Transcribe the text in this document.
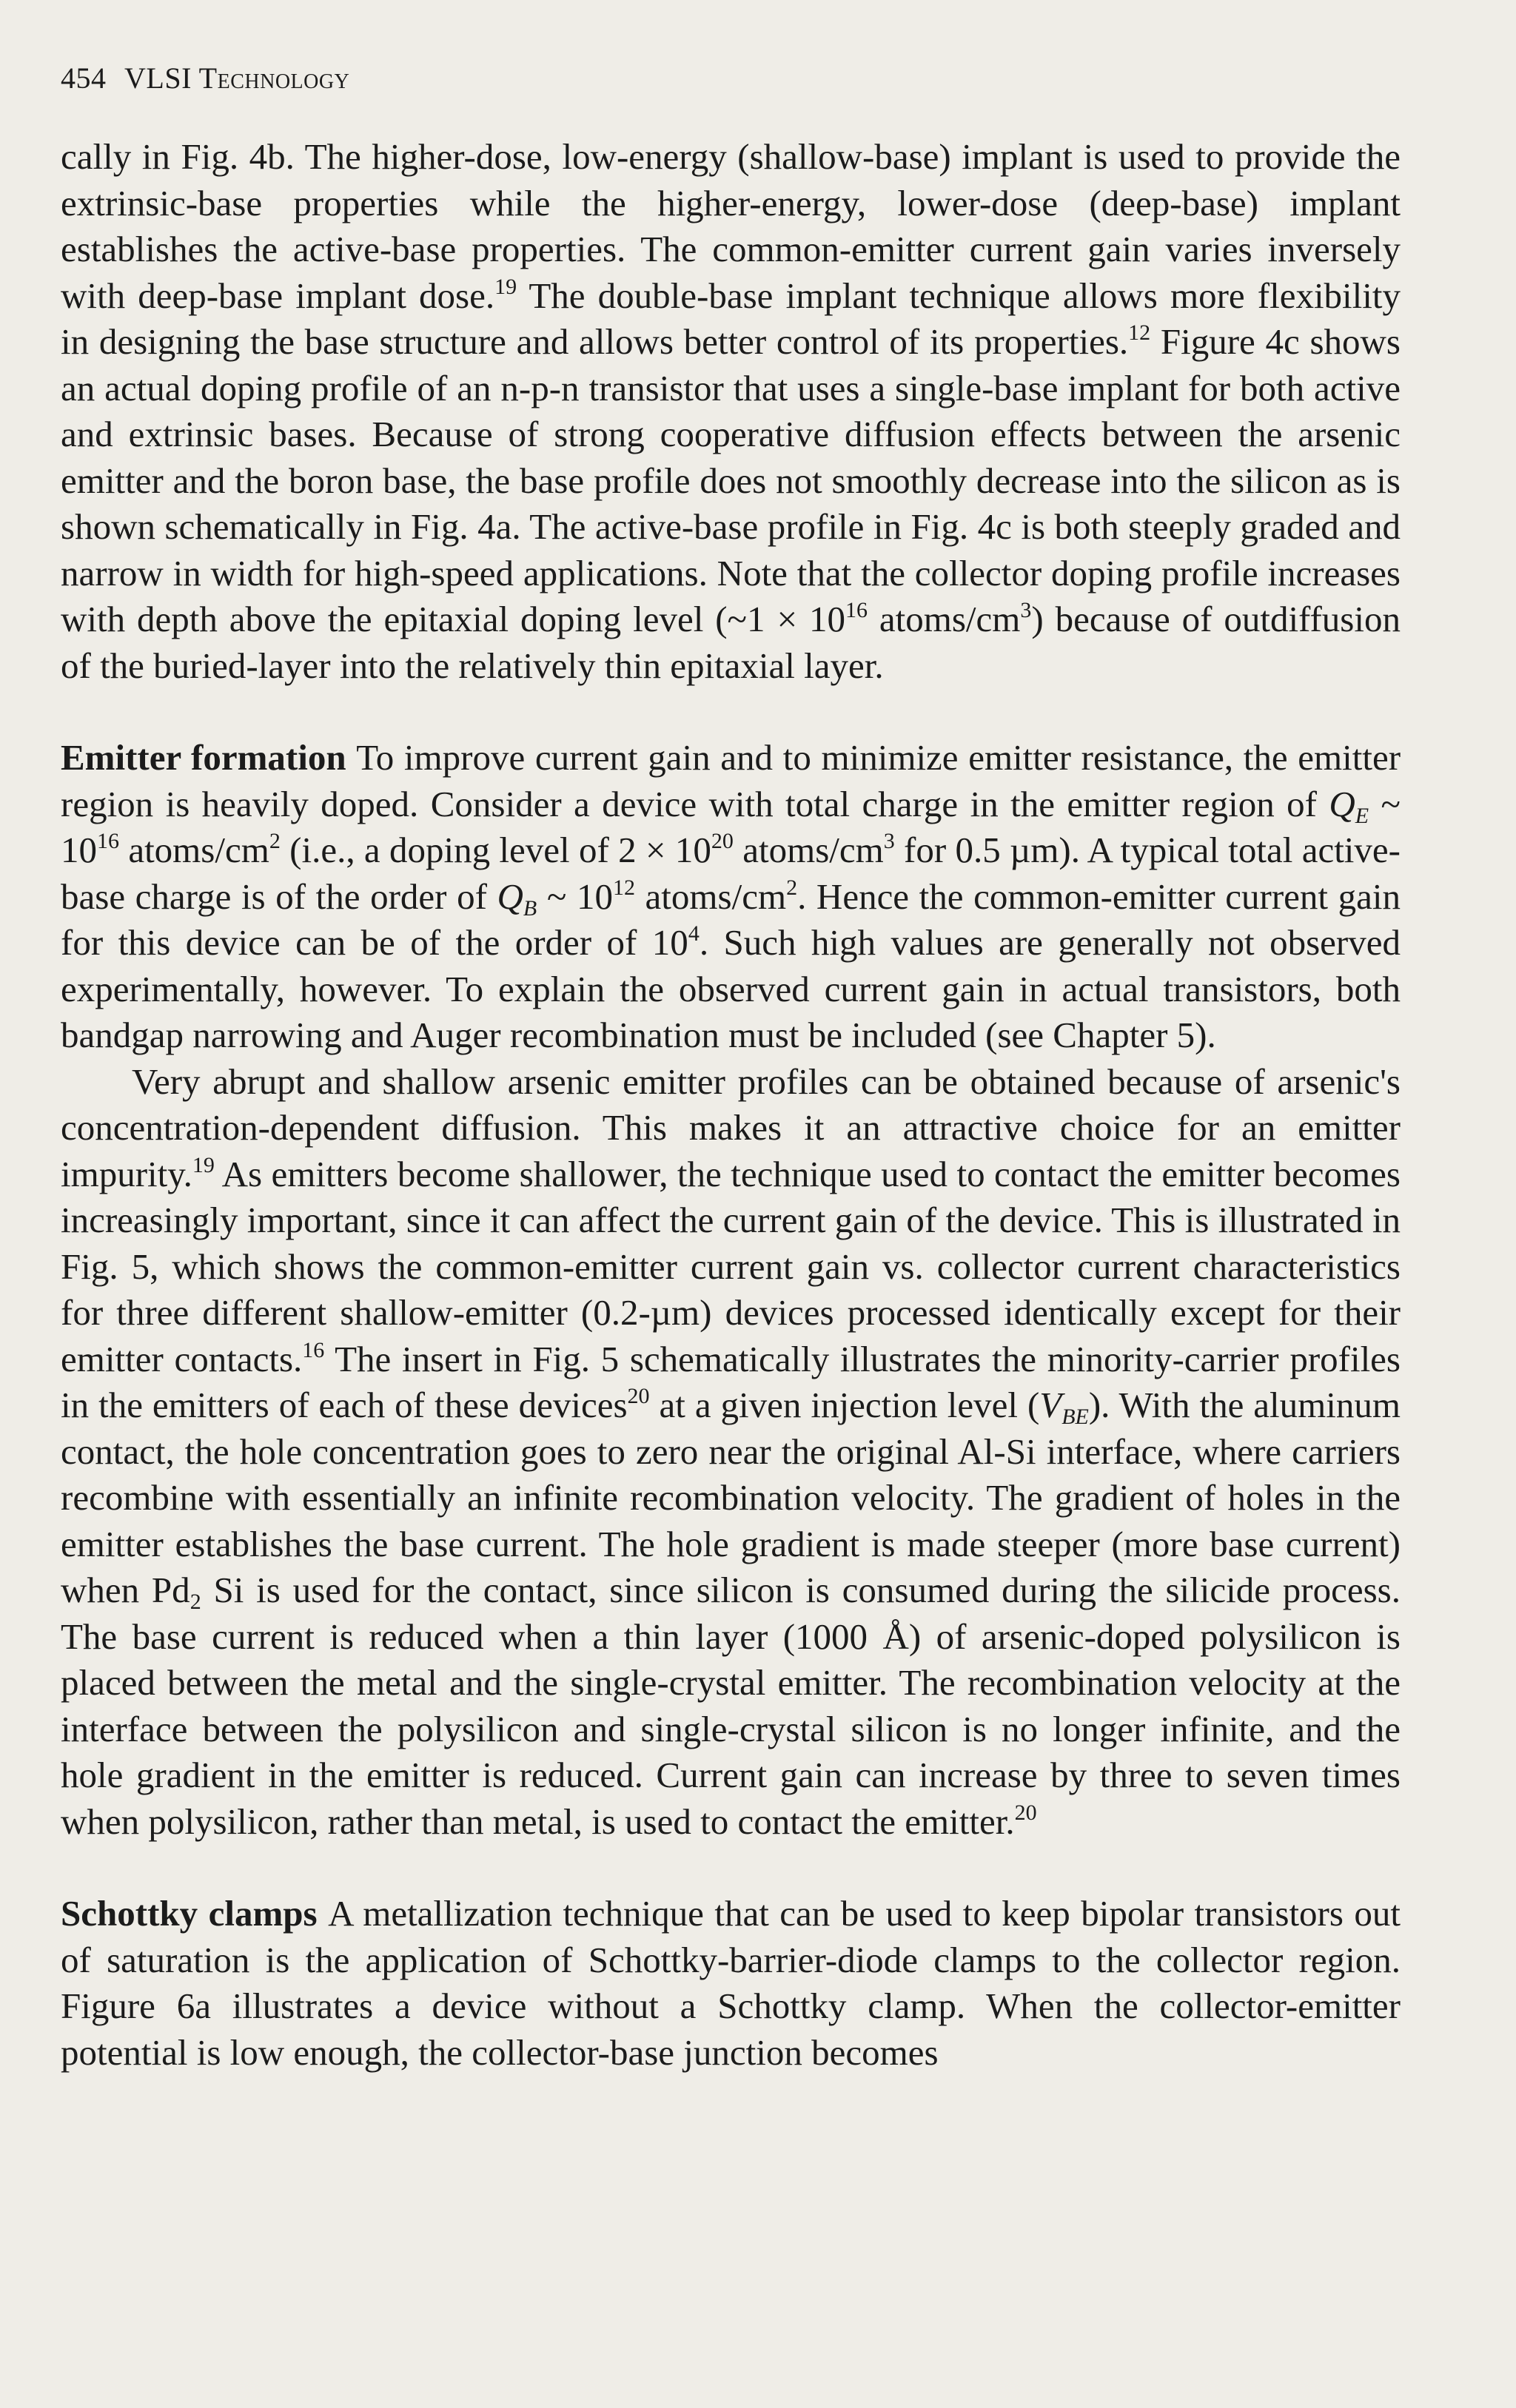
454 VLSI Technology

cally in Fig. 4b. The higher-dose, low-energy (shallow-base) implant is used to provide the extrinsic-base properties while the higher-energy, lower-dose (deep-base) implant establishes the active-base properties. The common-emitter current gain varies inversely with deep-base implant dose.$^{19}$ The double-base implant technique allows more flexibility in designing the base structure and allows better control of its properties.$^{12}$ Figure 4c shows an actual doping profile of an n-p-n transistor that uses a single-base implant for both active and extrinsic bases. Because of strong cooperative diffusion effects between the arsenic emitter and the boron base, the base profile does not smoothly decrease into the silicon as is shown schematically in Fig. 4a. The active-base profile in Fig. 4c is both steeply graded and narrow in width for high-speed applications. Note that the collector doping profile increases with depth above the epitaxial doping level (~1 × $10^{16}$ atoms/$cm^3$) because of outdiffusion of the buried-layer into the relatively thin epitaxial layer.

Emitter formation To improve current gain and to minimize emitter resistance, the emitter region is heavily doped. Consider a device with total charge in the emitter region of $Q_E$ ~ $10^{16}$ atoms/$cm^2$ (i.e., a doping level of $2 \times 10^{20}$ atoms/$cm^3$ for 0.5 µm). A typical total active-base charge is of the order of $Q_B$ ~ $10^{12}$ atoms/$cm^2$. Hence the common-emitter current gain for this device can be of the order of $10^4$. Such high values are generally not observed experimentally, however. To explain the observed current gain in actual transistors, both bandgap narrowing and Auger recombination must be included (see Chapter 5).

Very abrupt and shallow arsenic emitter profiles can be obtained because of arsenic's concentration-dependent diffusion. This makes it an attractive choice for an emitter impurity.$^{19}$ As emitters become shallower, the technique used to contact the emitter becomes increasingly important, since it can affect the current gain of the device. This is illustrated in Fig. 5, which shows the common-emitter current gain vs. collector current characteristics for three different shallow-emitter (0.2-µm) devices processed identically except for their emitter contacts.$^{16}$ The insert in Fig. 5 schematically illustrates the minority-carrier profiles in the emitters of each of these devices$^{20}$ at a given injection level $(V_{BE})$. With the aluminum contact, the hole concentration goes to zero near the original Al-Si interface, where carriers recombine with essentially an infinite recombination velocity. The gradient of holes in the emitter establishes the base current. The hole gradient is made steeper (more base current) when $Pd_2$ Si is used for the contact, since silicon is consumed during the silicide process. The base current is reduced when a thin layer (1000 Å) of arsenic-doped polysilicon is placed between the metal and the single-crystal emitter. The recombination velocity at the interface between the polysilicon and single-crystal silicon is no longer infinite, and the hole gradient in the emitter is reduced. Current gain can increase by three to seven times when polysilicon, rather than metal, is used to contact the emitter.$^{20}$

Schottky clamps A metallization technique that can be used to keep bipolar transistors out of saturation is the application of Schottky-barrier-diode clamps to the collector region. Figure 6a illustrates a device without a Schottky clamp. When the collector-emitter potential is low enough, the collector-base junction becomes
